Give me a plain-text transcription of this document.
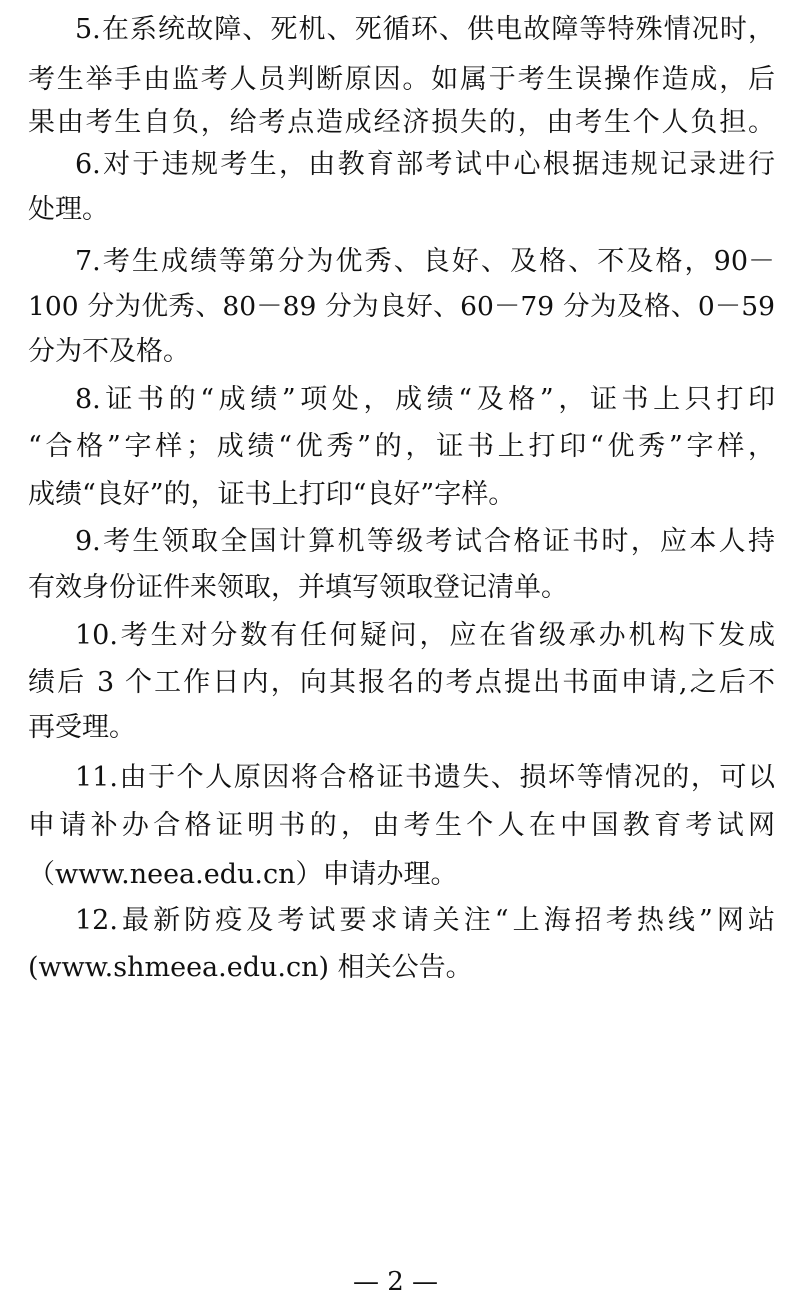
5.在系统故障、死机、死循环、供电故障等特殊情况时，
考生举手由监考人员判断原因。如属于考生误操作造成，后
果由考生自负，给考点造成经济损失的，由考生个人负担。
6.对于违规考生，由教育部考试中心根据违规记录进行
处理。
7.考生成绩等第分为优秀、良好、及格、不及格，90－
100 分为优秀、80－89 分为良好、60－79 分为及格、0－59
分为不及格。
8.证书的“成绩”项处，成绩“及格”，证书上只打印
“合格”字样；成绩“优秀”的，证书上打印“优秀”字样，
成绩“良好”的，证书上打印“良好”字样。
9.考生领取全国计算机等级考试合格证书时，应本人持
有效身份证件来领取，并填写领取登记清单。
10.考生对分数有任何疑问，应在省级承办机构下发成
绩后 3 个工作日内，向其报名的考点提出书面申请,之后不
再受理。
11.由于个人原因将合格证书遗失、损坏等情况的，可以
申请补办合格证明书的，由考生个人在中国教育考试网
（www.neea.edu.cn）申请办理。
12.最新防疫及考试要求请关注“上海招考热线”网站
(www.shmeea.edu.cn) 相关公告。
— 2 —
